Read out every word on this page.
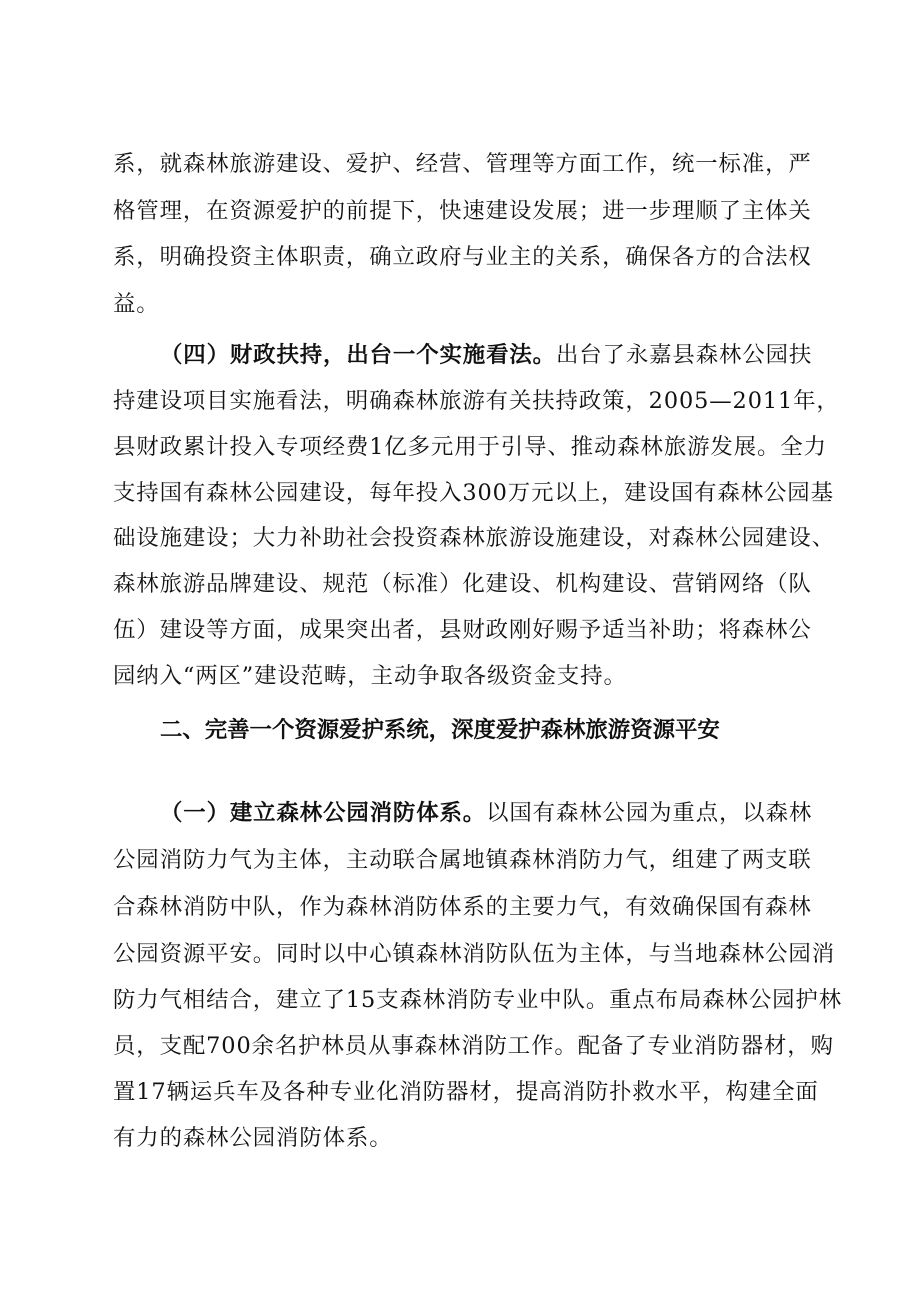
系，就森林旅游建设、爱护、经营、管理等方面工作，统一标准，严
格管理，在资源爱护的前提下，快速建设发展；进一步理顺了主体关
系，明确投资主体职责，确立政府与业主的关系，确保各方的合法权
益。
（四）财政扶持，出台一个实施看法。出台了永嘉县森林公园扶
持建设项目实施看法，明确森林旅游有关扶持政策，2005—2011年，
县财政累计投入专项经费1亿多元用于引导、推动森林旅游发展。全力
支持国有森林公园建设，每年投入300万元以上，建设国有森林公园基
础设施建设；大力补助社会投资森林旅游设施建设，对森林公园建设、
森林旅游品牌建设、规范（标准）化建设、机构建设、营销网络（队
伍）建设等方面，成果突出者，县财政刚好赐予适当补助；将森林公
园纳入“两区”建设范畴，主动争取各级资金支持。
二、完善一个资源爱护系统，深度爱护森林旅游资源平安
（一）建立森林公园消防体系。以国有森林公园为重点，以森林
公园消防力气为主体，主动联合属地镇森林消防力气，组建了两支联
合森林消防中队，作为森林消防体系的主要力气，有效确保国有森林
公园资源平安。同时以中心镇森林消防队伍为主体，与当地森林公园消
防力气相结合，建立了15支森林消防专业中队。重点布局森林公园护林
员，支配700余名护林员从事森林消防工作。配备了专业消防器材，购
置17辆运兵车及各种专业化消防器材，提高消防扑救水平，构建全面
有力的森林公园消防体系。
